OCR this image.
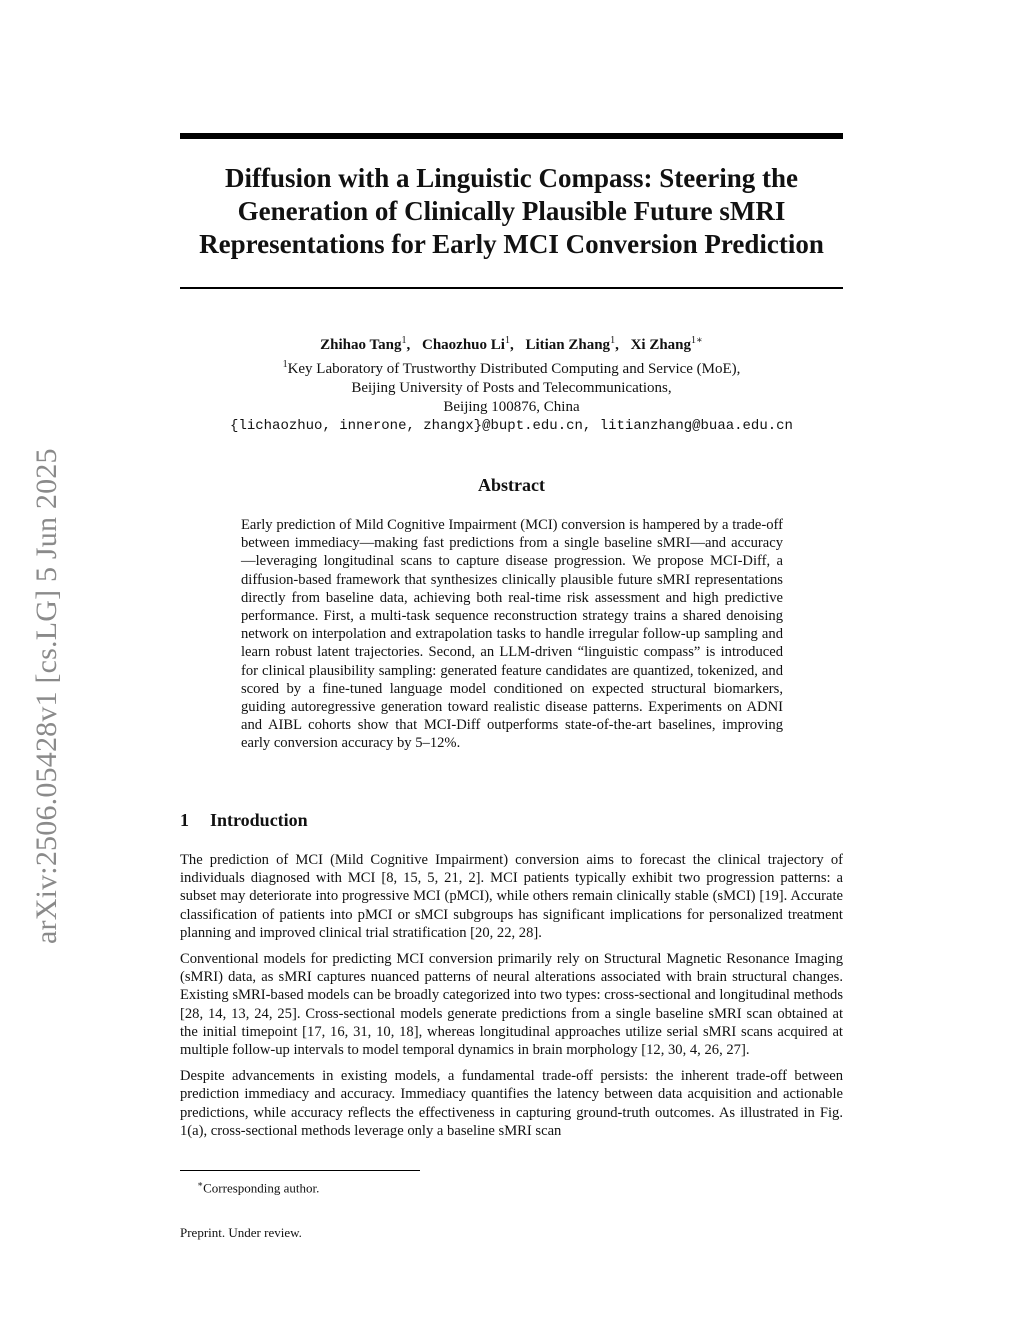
arXiv:2506.05428v1 [cs.LG] 5 Jun 2025
Diffusion with a Linguistic Compass: Steering the
Generation of Clinically Plausible Future sMRI
Representations for Early MCI Conversion Prediction
Zhihao Tang$^1$, Chaozhuo Li$^1$, Litian Zhang$^1$, Xi Zhang$^{1∗}$
$^1$Key Laboratory of Trustworthy Distributed Computing and Service (MoE),
Beijing University of Posts and Telecommunications,
Beijing 100876, China
{lichaozhuo, innerone, zhangx}@bupt.edu.cn, litianzhang@buaa.edu.cn
Abstract
Early prediction of Mild Cognitive Impairment (MCI) conversion is hampered by a trade-off between immediacy—making fast predictions from a single baseline sMRI—and accuracy—leveraging longitudinal scans to capture disease progression. We propose MCI-Diff, a diffusion-based framework that synthesizes clinically plausible future sMRI representations directly from baseline data, achieving both real-time risk assessment and high predictive performance. First, a multi-task sequence reconstruction strategy trains a shared denoising network on interpolation and extrapolation tasks to handle irregular follow-up sampling and learn robust latent trajectories. Second, an LLM-driven “linguistic compass” is introduced for clinical plausibility sampling: generated feature candidates are quantized, tokenized, and scored by a fine-tuned language model conditioned on expected structural biomarkers, guiding autoregressive generation toward realistic disease patterns. Experiments on ADNI and AIBL cohorts show that MCI-Diff outperforms state-of-the-art baselines, improving early conversion accuracy by 5–12%.
1 Introduction

The prediction of MCI (Mild Cognitive Impairment) conversion aims to forecast the clinical trajectory of individuals diagnosed with MCI [8, 15, 5, 21, 2]. MCI patients typically exhibit two progression patterns: a subset may deteriorate into progressive MCI (pMCI), while others remain clinically stable (sMCI) [19]. Accurate classification of patients into pMCI or sMCI subgroups has significant implications for personalized treatment planning and improved clinical trial stratification [20, 22, 28].

Conventional models for predicting MCI conversion primarily rely on Structural Magnetic Resonance Imaging (sMRI) data, as sMRI captures nuanced patterns of neural alterations associated with brain structural changes. Existing sMRI-based models can be broadly categorized into two types: cross-sectional and longitudinal methods [28, 14, 13, 24, 25]. Cross-sectional models generate predictions from a single baseline sMRI scan obtained at the initial timepoint [17, 16, 31, 10, 18], whereas longitudinal approaches utilize serial sMRI scans acquired at multiple follow-up intervals to model temporal dynamics in brain morphology [12, 30, 4, 26, 27].

Despite advancements in existing models, a fundamental trade-off persists: the inherent trade-off between prediction immediacy and accuracy. Immediacy quantifies the latency between data acquisition and actionable predictions, while accuracy reflects the effectiveness in capturing ground-truth outcomes. As illustrated in Fig. 1(a), cross-sectional methods leverage only a baseline sMRI scan

∗Corresponding author.
Preprint. Under review.
